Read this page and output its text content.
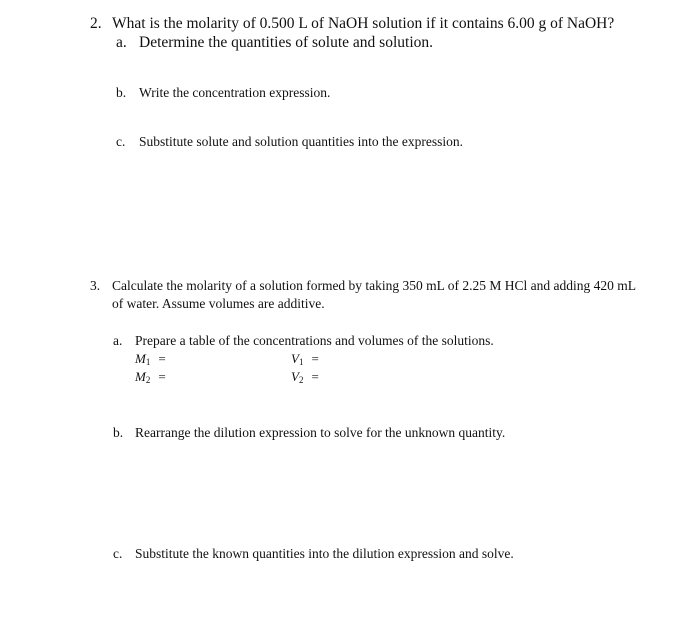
2. What is the molarity of 0.500 L of NaOH solution if it contains 6.00 g of NaOH?
a. Determine the quantities of solute and solution.
b. Write the concentration expression.
c. Substitute solute and solution quantities into the expression.
3. Calculate the molarity of a solution formed by taking 350 mL of 2.25 M HCl and adding 420 mL
of water. Assume volumes are additive.
a. Prepare a table of the concentrations and volumes of the solutions.
$M_1$ =	$V_1$ =
$M_2$ =	$V_2$ =
b. Rearrange the dilution expression to solve for the unknown quantity.
c. Substitute the known quantities into the dilution expression and solve.
